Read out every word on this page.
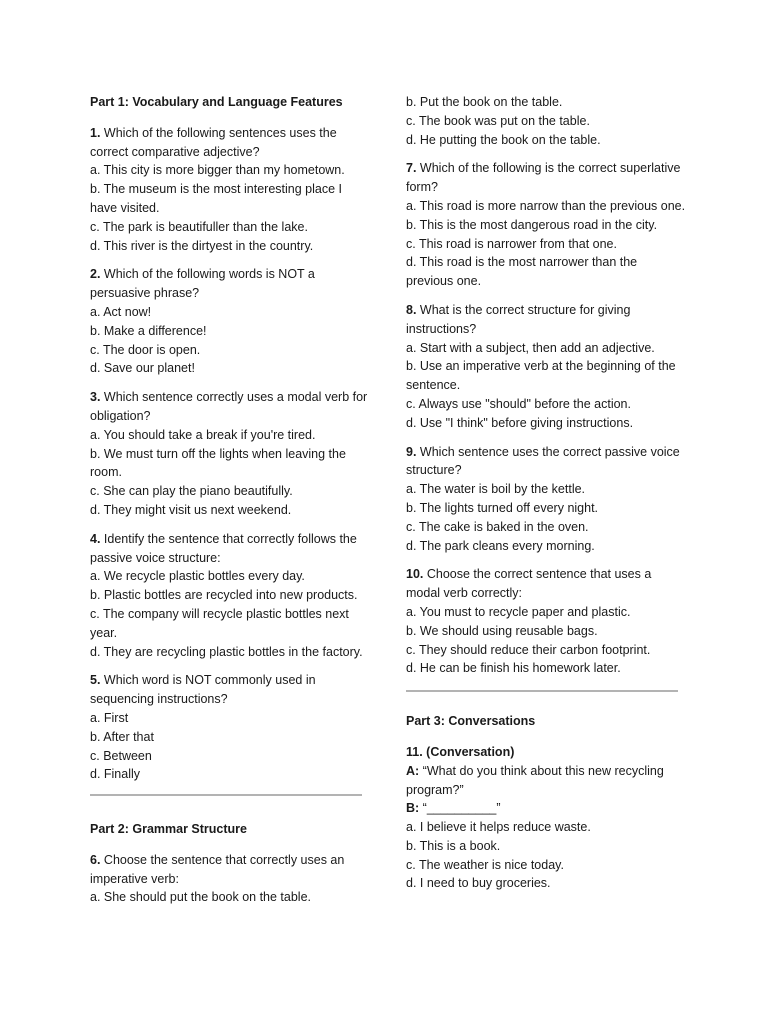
Part 1: Vocabulary and Language Features

1. Which of the following sentences uses the correct comparative adjective?

a. This city is more bigger than my hometown.

b. The museum is the most interesting place I have visited.

c. The park is beautifuller than the lake.

d. This river is the dirtyest in the country.

2. Which of the following words is NOT a persuasive phrase?

a. Act now!

b. Make a difference!

c. The door is open.

d. Save our planet!

3. Which sentence correctly uses a modal verb for obligation?

a. You should take a break if you're tired.

b. We must turn off the lights when leaving the room.

c. She can play the piano beautifully.

d. They might visit us next weekend.

4. Identify the sentence that correctly follows the passive voice structure:

a. We recycle plastic bottles every day.

b. Plastic bottles are recycled into new products.

c. The company will recycle plastic bottles next year.

d. They are recycling plastic bottles in the factory.

5. Which word is NOT commonly used in sequencing instructions?

a. First

b. After that

c. Between

d. Finally

Part 2: Grammar Structure

6. Choose the sentence that correctly uses an imperative verb:

a. She should put the book on the table.

b. Put the book on the table.

c. The book was put on the table.

d. He putting the book on the table.

7. Which of the following is the correct superlative form?

a. This road is more narrow than the previous one.

b. This is the most dangerous road in the city.

c. This road is narrower from that one.

d. This road is the most narrower than the previous one.

8. What is the correct structure for giving instructions?

a. Start with a subject, then add an adjective.

b. Use an imperative verb at the beginning of the sentence.

c. Always use "should" before the action.

d. Use "I think" before giving instructions.

9. Which sentence uses the correct passive voice structure?

a. The water is boil by the kettle.

b. The lights turned off every night.

c. The cake is baked in the oven.

d. The park cleans every morning.

10. Choose the correct sentence that uses a modal verb correctly:

a. You must to recycle paper and plastic.

b. We should using reusable bags.

c. They should reduce their carbon footprint.

d. He can be finish his homework later.

Part 3: Conversations

11. (Conversation)

A: “What do you think about this new recycling program?”

B: “__________”

a. I believe it helps reduce waste.

b. This is a book.

c. The weather is nice today.

d. I need to buy groceries.
